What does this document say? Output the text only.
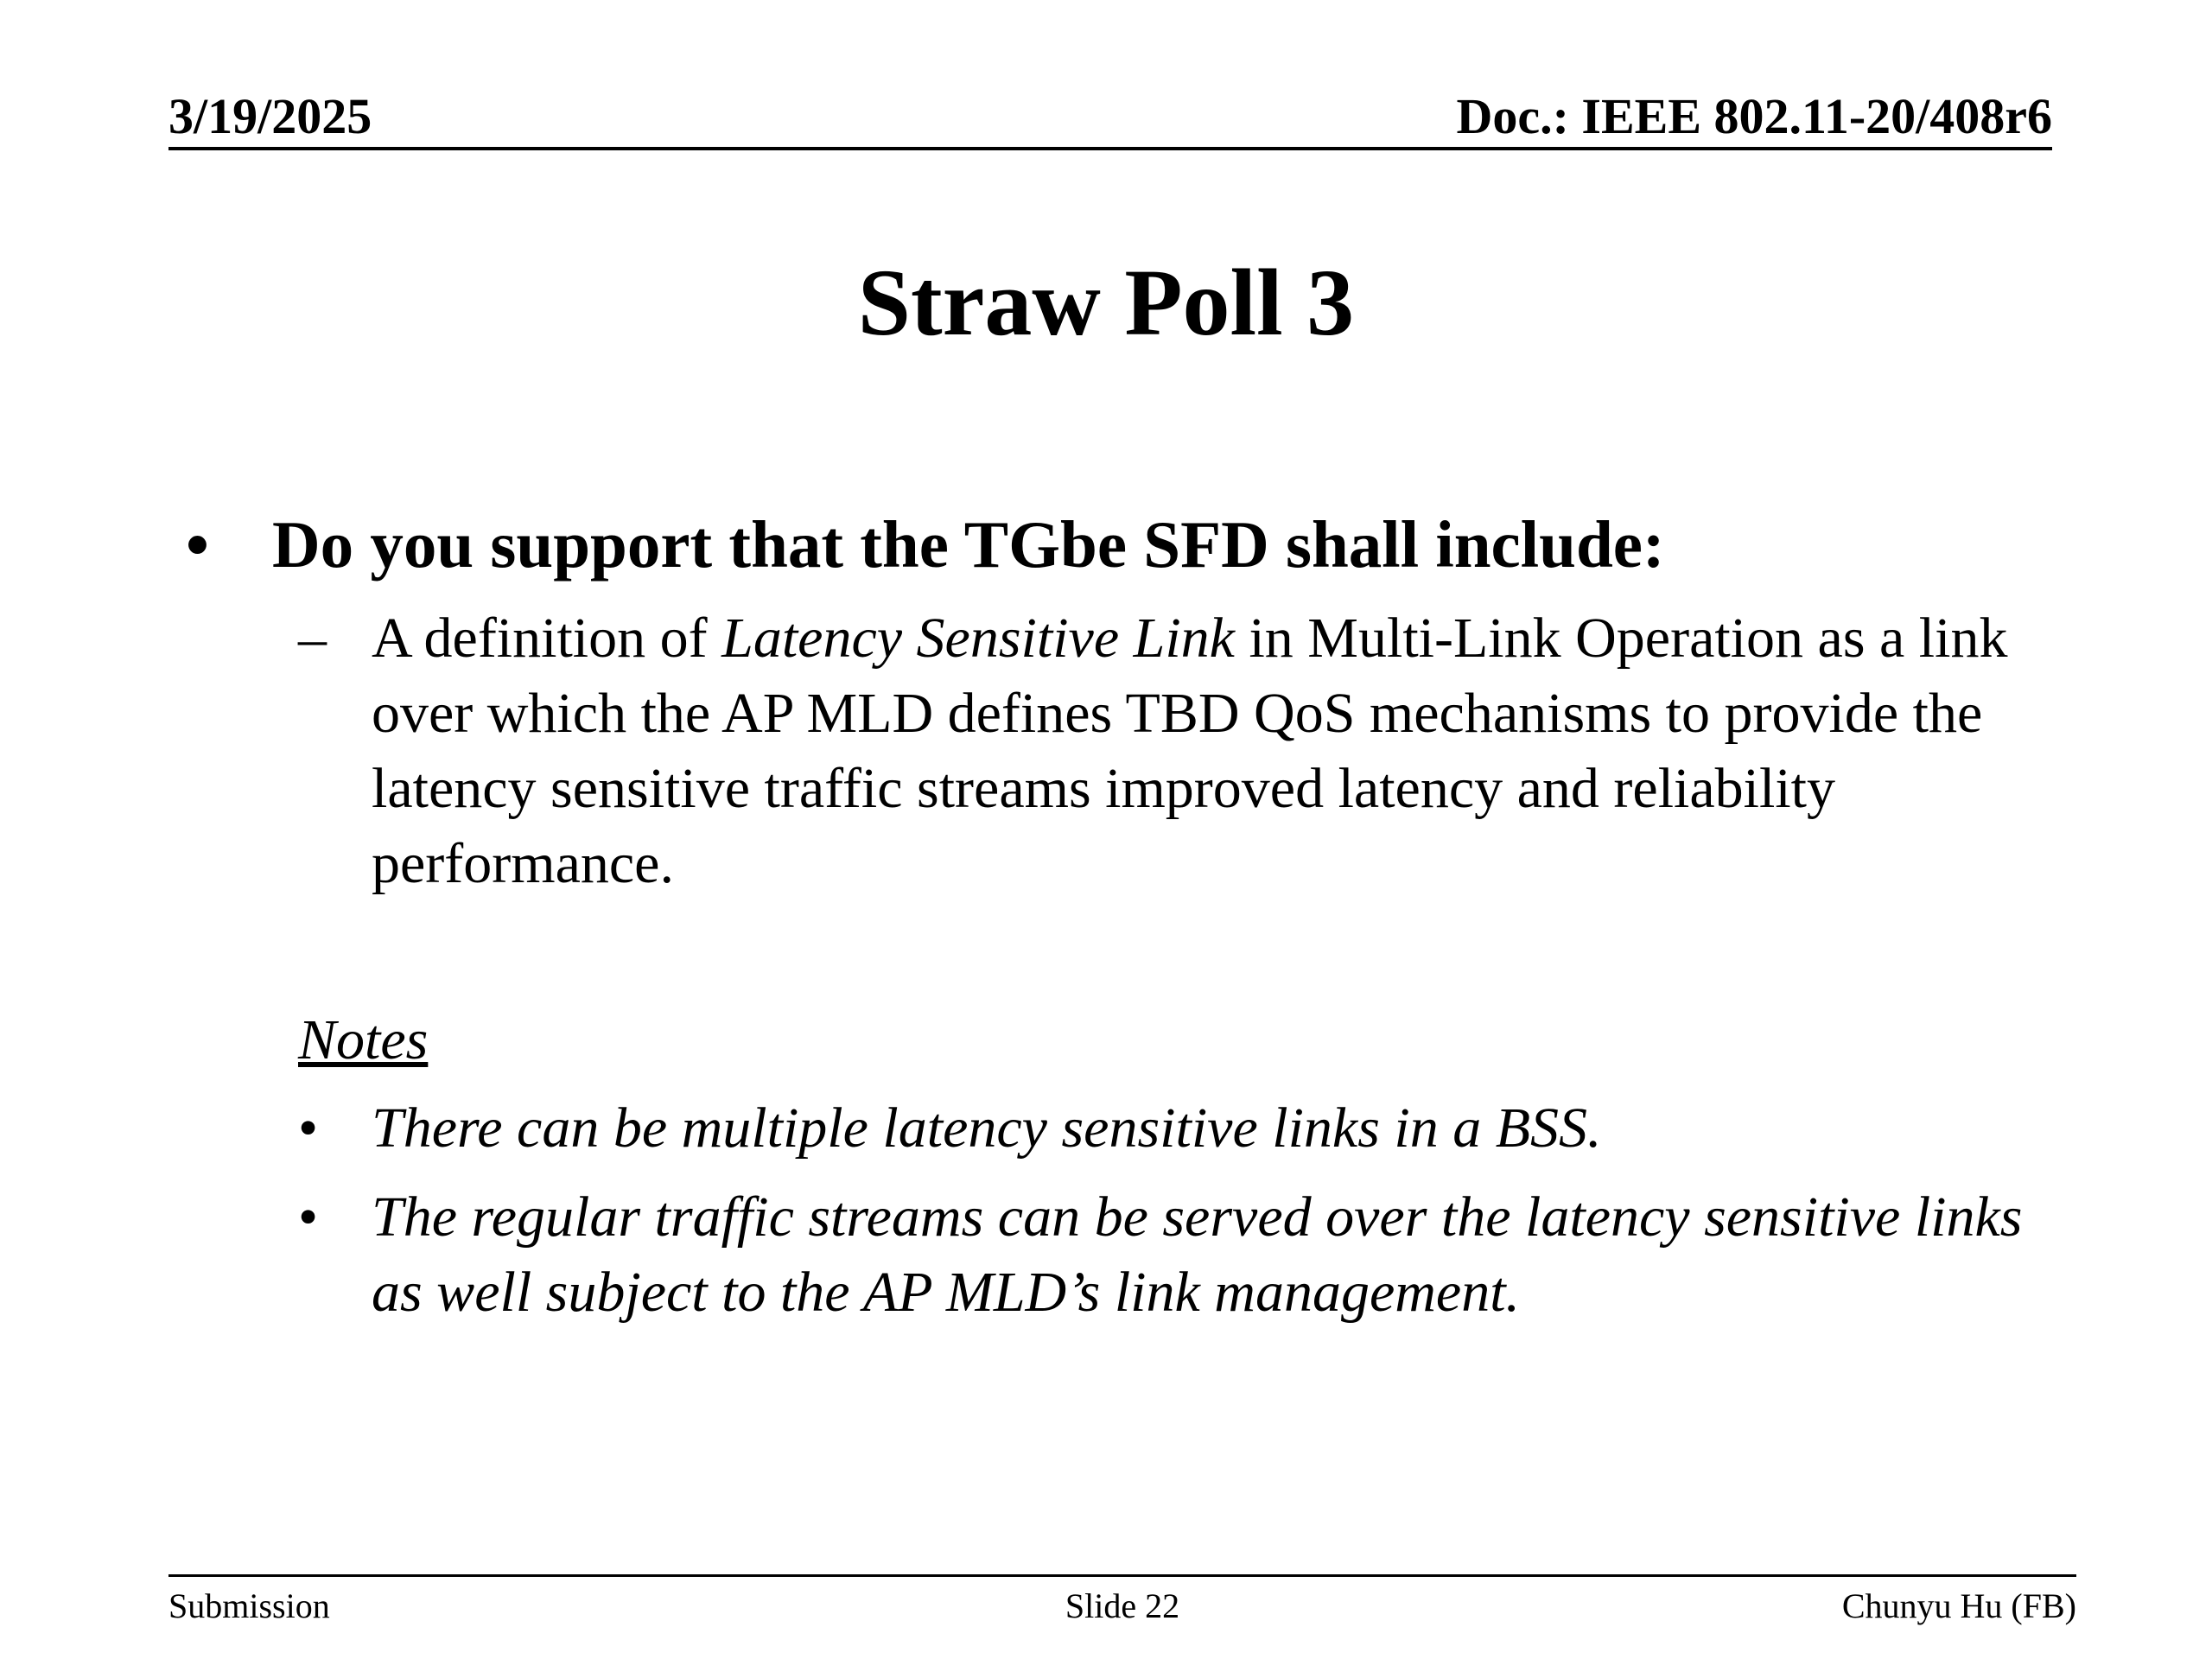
3/19/2025	Doc.: IEEE 802.11-20/408r6
Straw Poll 3
• Do you support that the TGbe SFD shall include:
– A definition of Latency Sensitive Link in Multi-Link Operation as a link over which the AP MLD defines TBD QoS mechanisms to provide the latency sensitive traffic streams improved latency and reliability performance.
Notes
• There can be multiple latency sensitive links in a BSS.
• The regular traffic streams can be served over the latency sensitive links as well subject to the AP MLD’s link management.
Submission	Slide 22	Chunyu Hu (FB)
